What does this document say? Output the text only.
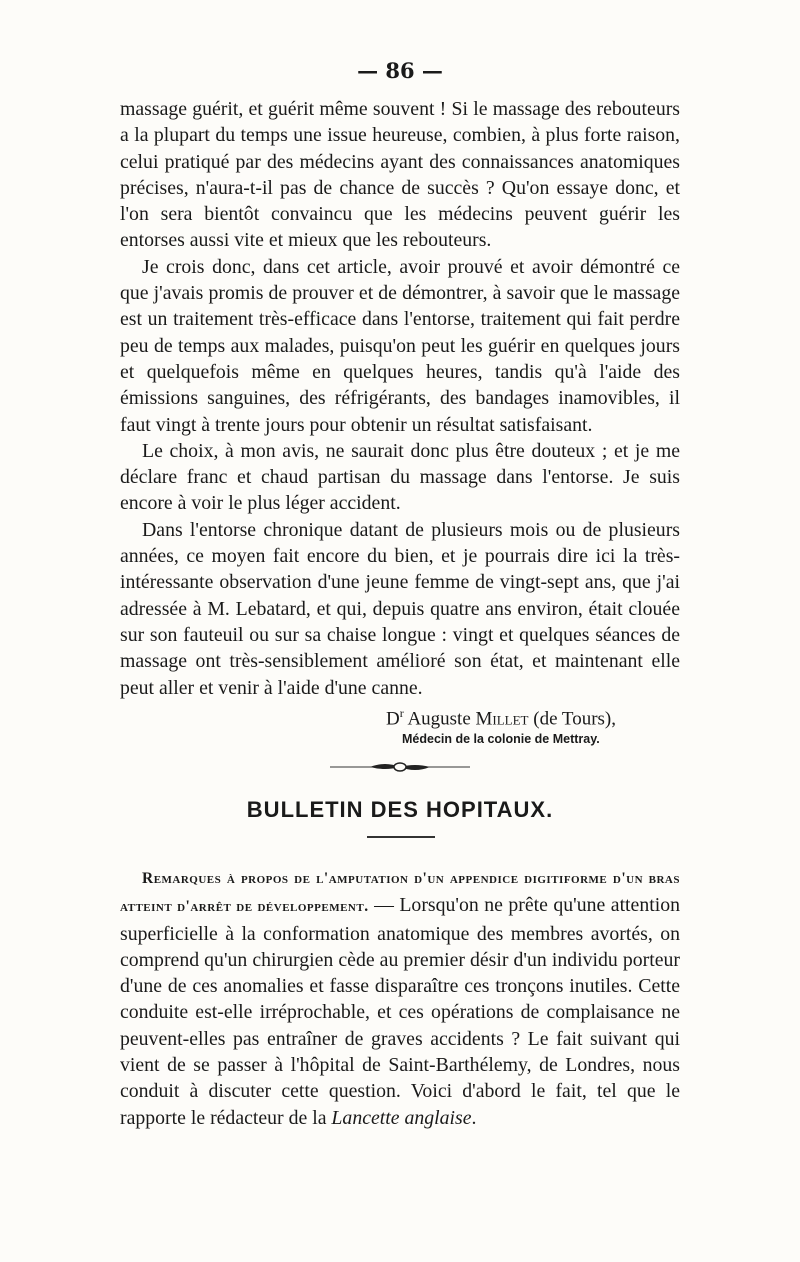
— 86 —

massage guérit, et guérit même souvent ! Si le massage des rebouteurs a la plupart du temps une issue heureuse, combien, à plus forte raison, celui pratiqué par des médecins ayant des connaissances anatomiques précises, n'aura-t-il pas de chance de succès ? Qu'on essaye donc, et l'on sera bientôt convaincu que les médecins peuvent guérir les entorses aussi vite et mieux que les rebouteurs.

Je crois donc, dans cet article, avoir prouvé et avoir démontré ce que j'avais promis de prouver et de démontrer, à savoir que le massage est un traitement très-efficace dans l'entorse, traitement qui fait perdre peu de temps aux malades, puisqu'on peut les guérir en quelques jours et quelquefois même en quelques heures, tandis qu'à l'aide des émissions sanguines, des réfrigérants, des bandages inamovibles, il faut vingt à trente jours pour obtenir un résultat satisfaisant.

Le choix, à mon avis, ne saurait donc plus être douteux ; et je me déclare franc et chaud partisan du massage dans l'entorse. Je suis encore à voir le plus léger accident.

Dans l'entorse chronique datant de plusieurs mois ou de plusieurs années, ce moyen fait encore du bien, et je pourrais dire ici la très-intéressante observation d'une jeune femme de vingt-sept ans, que j'ai adressée à M. Lebatard, et qui, depuis quatre ans environ, était clouée sur son fauteuil ou sur sa chaise longue : vingt et quelques séances de massage ont très-sensiblement amélioré son état, et maintenant elle peut aller et venir à l'aide d'une canne.

$D^r$ Auguste Millet (de Tours),
Médecin de la colonie de Mettray.
BULLETIN DES HOPITAUX.

Remarques à propos de l'amputation d'un appendice digitiforme d'un bras atteint d'arrêt de développement. — Lorsqu'on ne prête qu'une attention superficielle à la conformation anatomique des membres avortés, on comprend qu'un chirurgien cède au premier désir d'un individu porteur d'une de ces anomalies et fasse disparaître ces tronçons inutiles. Cette conduite est-elle irréprochable, et ces opérations de complaisance ne peuvent-elles pas entraîner de graves accidents ? Le fait suivant qui vient de se passer à l'hôpital de Saint-Barthélemy, de Londres, nous conduit à discuter cette question. Voici d'abord le fait, tel que le rapporte le rédacteur de la Lancette anglaise.
